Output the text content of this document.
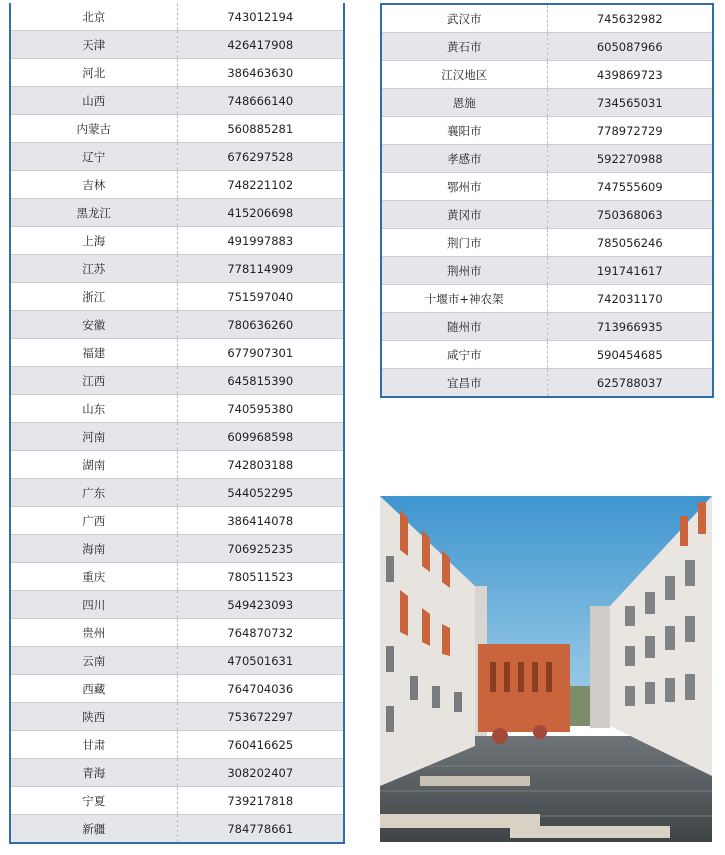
北京	743012194
天津	426417908
河北	386463630
山西	748666140
内蒙古	560885281
辽宁	676297528
吉林	748221102
黑龙江	415206698
上海	491997883
江苏	778114909
浙江	751597040
安徽	780636260
福建	677907301
江西	645815390
山东	740595380
河南	609968598
湖南	742803188
广东	544052295
广西	386414078
海南	706925235
重庆	780511523
四川	549423093
贵州	764870732
云南	470501631
西藏	764704036
陕西	753672297
甘肃	760416625
青海	308202407
宁夏	739217818
新疆	784778661
武汉市	745632982
黄石市	605087966
江汉地区	439869723
恩施	734565031
襄阳市	778972729
孝感市	592270988
鄂州市	747555609
黄冈市	750368063
荆门市	785056246
荆州市	191741617
十堰市+神农架	742031170
随州市	713966935
咸宁市	590454685
宜昌市	625788037
